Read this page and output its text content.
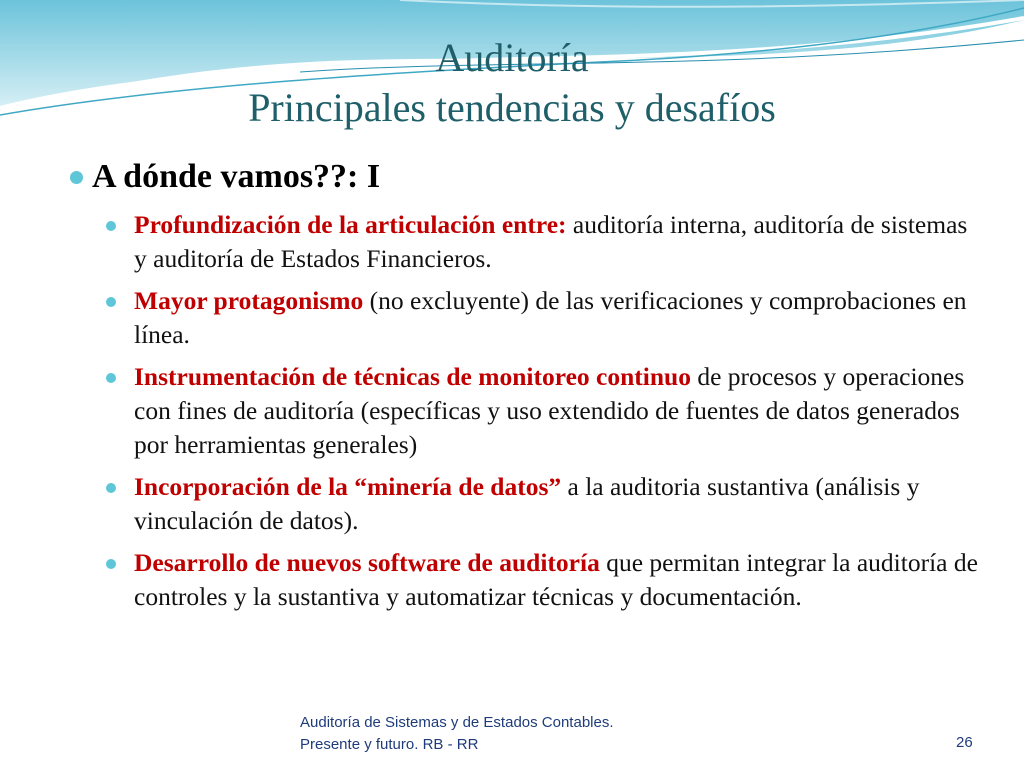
Auditoría
Principales tendencias y desafíos
A dónde vamos??: I
Profundización de la articulación entre: auditoría interna, auditoría de sistemas y auditoría de Estados Financieros.
Mayor protagonismo (no excluyente) de las verificaciones y comprobaciones en línea.
Instrumentación de técnicas de monitoreo continuo de procesos y operaciones con fines de auditoría (específicas y uso extendido de fuentes de datos generados por herramientas generales)
Incorporación de la “minería de datos” a la auditoria sustantiva (análisis y vinculación de datos).
Desarrollo de nuevos software de auditoría que permitan integrar la auditoría de controles y la sustantiva y automatizar técnicas y documentación.
Auditoría de Sistemas y de Estados Contables.
Presente y futuro. RB - RR	26
